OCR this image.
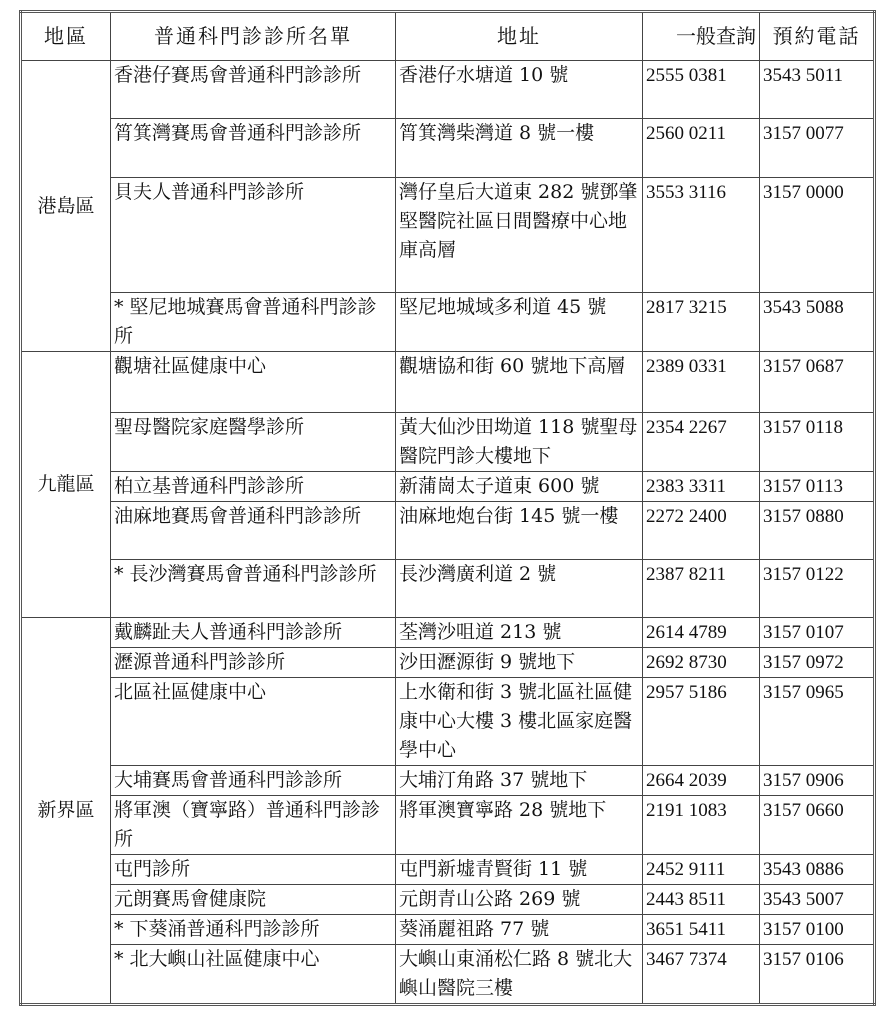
地區	普通科門診診所名單	地址	一般查詢	預約電話
港島區	香港仔賽馬會普通科門診診所	香港仔水塘道 10 號	2555 0381	3543 5011
	筲箕灣賽馬會普通科門診診所	筲箕灣柴灣道 8 號一樓	2560 0211	3157 0077
	貝夫人普通科門診診所	灣仔皇后大道東 282 號鄧肇堅醫院社區日間醫療中心地庫高層	3553 3116	3157 0000
	* 堅尼地城賽馬會普通科門診診所	堅尼地城域多利道 45 號	2817 3215	3543 5088
九龍區	觀塘社區健康中心	觀塘協和街 60 號地下高層	2389 0331	3157 0687
	聖母醫院家庭醫學診所	黃大仙沙田坳道 118 號聖母醫院門診大樓地下	2354 2267	3157 0118
	柏立基普通科門診診所	新蒲崗太子道東 600 號	2383 3311	3157 0113
	油麻地賽馬會普通科門診診所	油麻地炮台街 145 號一樓	2272 2400	3157 0880
	* 長沙灣賽馬會普通科門診診所	長沙灣廣利道 2 號	2387 8211	3157 0122
新界區	戴麟趾夫人普通科門診診所	荃灣沙咀道 213 號	2614 4789	3157 0107
	瀝源普通科門診診所	沙田瀝源街 9 號地下	2692 8730	3157 0972
	北區社區健康中心	上水衛和街 3 號北區社區健康中心大樓 3 樓北區家庭醫學中心	2957 5186	3157 0965
	大埔賽馬會普通科門診診所	大埔汀角路 37 號地下	2664 2039	3157 0906
	將軍澳（寶寧路）普通科門診診所	將軍澳寶寧路 28 號地下	2191 1083	3157 0660
	屯門診所	屯門新墟青賢街 11 號	2452 9111	3543 0886
	元朗賽馬會健康院	元朗青山公路 269 號	2443 8511	3543 5007
	* 下葵涌普通科門診診所	葵涌麗祖路 77 號	3651 5411	3157 0100
	* 北大嶼山社區健康中心	大嶼山東涌松仁路 8 號北大嶼山醫院三樓	3467 7374	3157 0106
